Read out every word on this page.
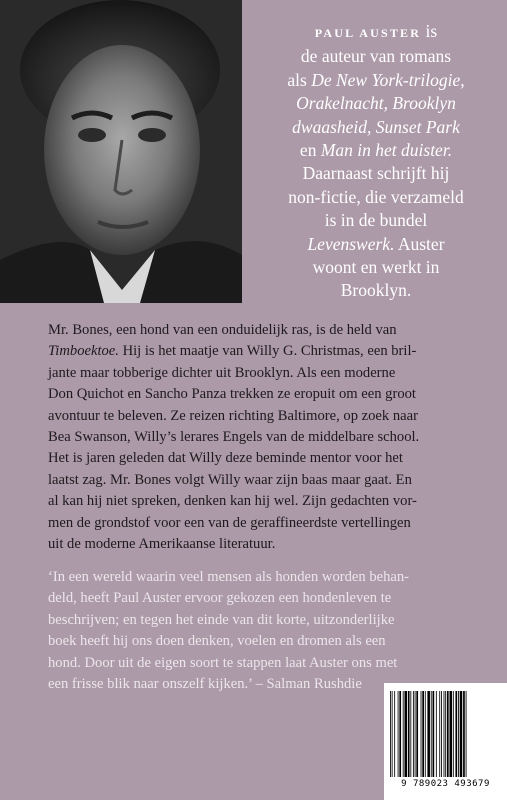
PAUL AUSTER is
de auteur van romans
als De New York-trilogie,
Orakelnacht, Brooklyn
dwaasheid, Sunset Park
en Man in het duister.
Daarnaast schrijft hij
non-fictie, die verzameld
is in de bundel
Levenswerk. Auster
woont en werkt in
Brooklyn.
Mr. Bones, een hond van een onduidelijk ras, is de held van
Timboektoe. Hij is het maatje van Willy G. Christmas, een bril-
jante maar tobberige dichter uit Brooklyn. Als een moderne
Don Quichot en Sancho Panza trekken ze eropuit om een groot
avontuur te beleven. Ze reizen richting Baltimore, op zoek naar
Bea Swanson, Willy’s lerares Engels van de middelbare school.
Het is jaren geleden dat Willy deze beminde mentor voor het
laatst zag. Mr. Bones volgt Willy waar zijn baas maar gaat. En
al kan hij niet spreken, denken kan hij wel. Zijn gedachten vor-
men de grondstof voor een van de geraffineerdste vertellingen
uit de moderne Amerikaanse literatuur.
‘In een wereld waarin veel mensen als honden worden behan-
deld, heeft Paul Auster ervoor gekozen een hondenleven te
beschrijven; en tegen het einde van dit korte, uitzonderlijke
boek heeft hij ons doen denken, voelen en dromen als een
hond. Door uit de eigen soort te stappen laat Auster ons met
een frisse blik naar onszelf kijken.’ – Salman Rushdie
9 789023 493679
